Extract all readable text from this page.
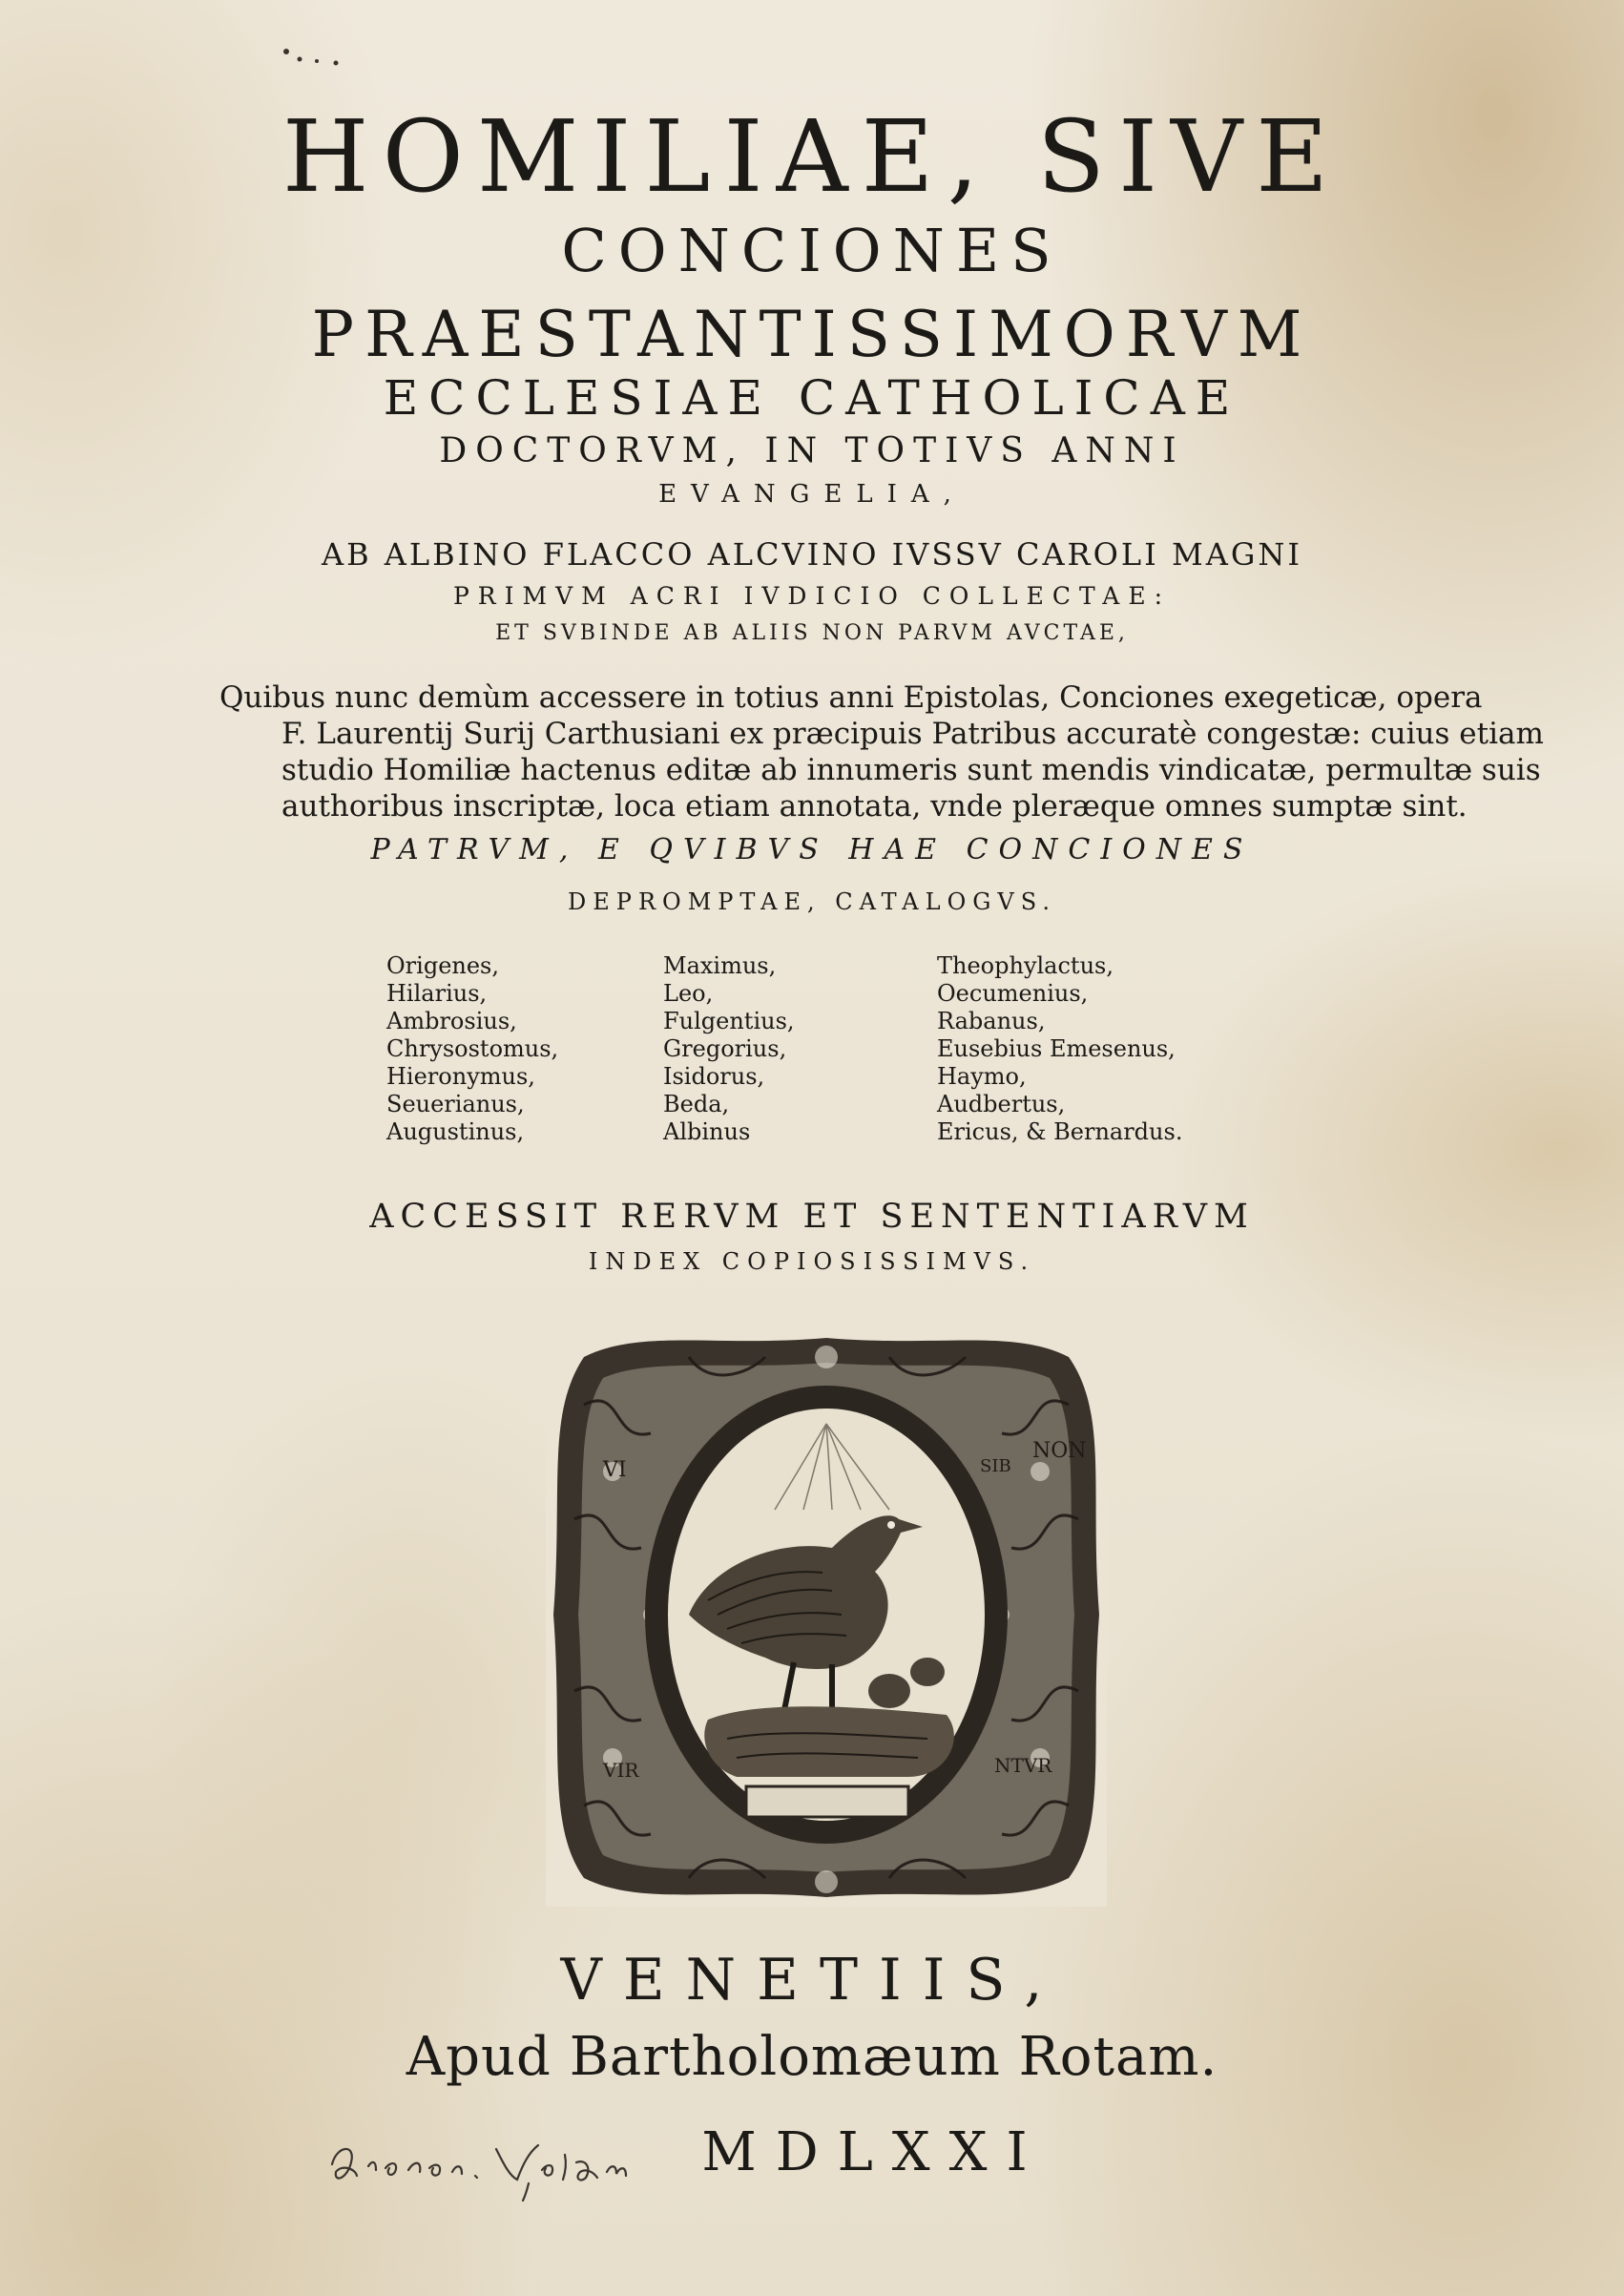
HOMILIAE, SIVE
CONCIONES
PRAESTANTISSIMORVM
ECCLESIAE CATHOLICAE
DOCTORVM, IN TOTIVS ANNI
EVANGELIA,
AB ALBINO FLACCO ALCVINO IVSSV CAROLI MAGNI
PRIMVM ACRI IVDICIO COLLECTAE:
ET SVBINDE AB ALIIS NON PARVM AVCTAE,
Quibus nunc demùm accessere in totius anni Epistolas, Conciones exegeticæ, opera
F. Laurentij Surij Carthusiani ex præcipuis Patribus accuratè congestæ: cuius etiam
studio Homiliæ hactenus editæ ab innumeris sunt mendis vindicatæ, permultæ suis
authoribus inscriptæ, loca etiam annotata, vnde pleræque omnes sumptæ sint.
PATRVM, E QVIBVS HAE CONCIONES
DEPROMPTAE, CATALOGVS.
Origenes,
Hilarius,
Ambrosius,
Chrysostomus,
Hieronymus,
Seuerianus,
Augustinus,
Maximus,
Leo,
Fulgentius,
Gregorius,
Isidorus,
Beda,
Albinus
Theophylactus,
Oecumenius,
Rabanus,
Eusebius Emesenus,
Haymo,
Audbertus,
Ericus, & Bernardus.
ACCESSIT RERVM ET SENTENTIARVM
INDEX COPIOSISSIMVS.
VI
NON
SIB
VIR	NTVR
VENETIIS,
Apud Bartholomæum Rotam.
MDLXXI
